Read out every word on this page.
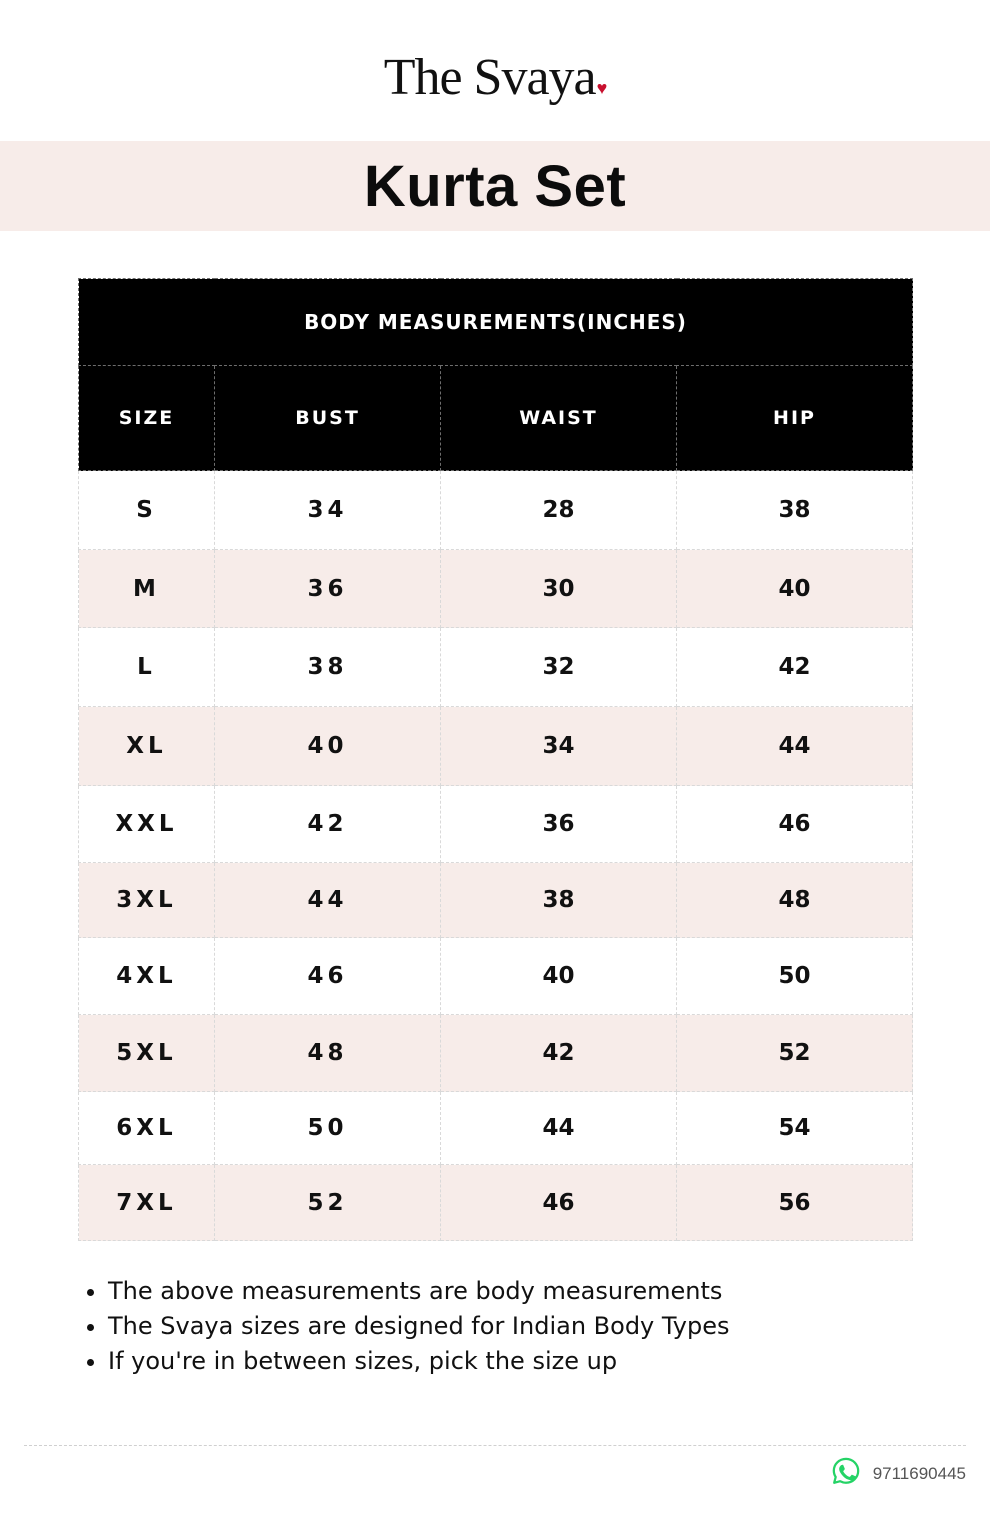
The Svaya♥
Kurta Set
BODY MEASUREMENTS(INCHES)			
SIZE	BUST	WAIST	HIP
S	34	28	38
M	36	30	40
L	38	32	42
XL	40	34	44
XXL	42	36	46
3XL	44	38	48
4XL	46	40	50
5XL	48	42	52
6XL	50	44	54
7XL	52	46	56
• The above measurements are body measurements
• The Svaya sizes are designed for Indian Body Types
• If you're in between sizes, pick the size up
9711690445
